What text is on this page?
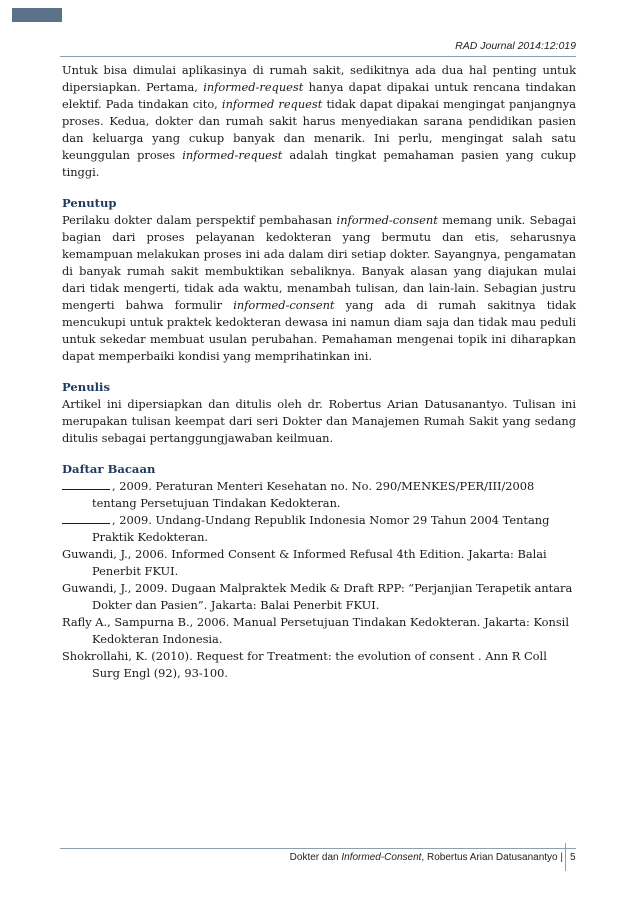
RAD Journal 2014:12:019

Untuk bisa dimulai aplikasinya di rumah sakit, sedikitnya ada dua hal penting untuk dipersiapkan. Pertama, informed-request hanya dapat dipakai untuk rencana tindakan elektif. Pada tindakan cito, informed request tidak dapat dipakai mengingat panjangnya proses. Kedua, dokter dan rumah sakit harus menyediakan sarana pendidikan pasien dan keluarga yang cukup banyak dan menarik. Ini perlu, mengingat salah satu keunggulan proses informed-request adalah tingkat pemahaman pasien yang cukup tinggi.

Penutup

Perilaku dokter dalam perspektif pembahasan informed-consent memang unik. Sebagai bagian dari proses pelayanan kedokteran yang bermutu dan etis, seharusnya kemampuan melakukan proses ini ada dalam diri setiap dokter. Sayangnya, pengamatan di banyak rumah sakit membuktikan sebaliknya. Banyak alasan yang diajukan mulai dari tidak mengerti, tidak ada waktu, menambah tulisan, dan lain-lain. Sebagian justru mengerti bahwa formulir informed-consent yang ada di rumah sakitnya tidak mencukupi untuk praktek kedokteran dewasa ini namun diam saja dan tidak mau peduli untuk sekedar membuat usulan perubahan. Pemahaman mengenai topik ini diharapkan dapat memperbaiki kondisi yang memprihatinkan ini.

Penulis

Artikel ini dipersiapkan dan ditulis oleh dr. Robertus Arian Datusanantyo. Tulisan ini merupakan tulisan keempat dari seri Dokter dan Manajemen Rumah Sakit yang sedang ditulis sebagai pertanggungjawaban keilmuan.

Daftar Bacaan

, 2009. Peraturan Menteri Kesehatan no. No. 290/MENKES/PER/III/2008 tentang Persetujuan Tindakan Kedokteran.

, 2009. Undang-Undang Republik Indonesia Nomor 29 Tahun 2004 Tentang Praktik Kedokteran.

Guwandi, J., 2006. Informed Consent & Informed Refusal 4th Edition. Jakarta: Balai Penerbit FKUI.

Guwandi, J., 2009. Dugaan Malpraktek Medik & Draft RPP: “Perjanjian Terapetik antara Dokter dan Pasien”. Jakarta: Balai Penerbit FKUI.

Rafly A., Sampurna B., 2006. Manual Persetujuan Tindakan Kedokteran. Jakarta: Konsil Kedokteran Indonesia.

Shokrollahi, K. (2010). Request for Treatment: the evolution of consent . Ann R Coll Surg Engl (92), 93-100.

Dokter dan Informed-Consent, Robertus Arian Datusanantyo | 5
